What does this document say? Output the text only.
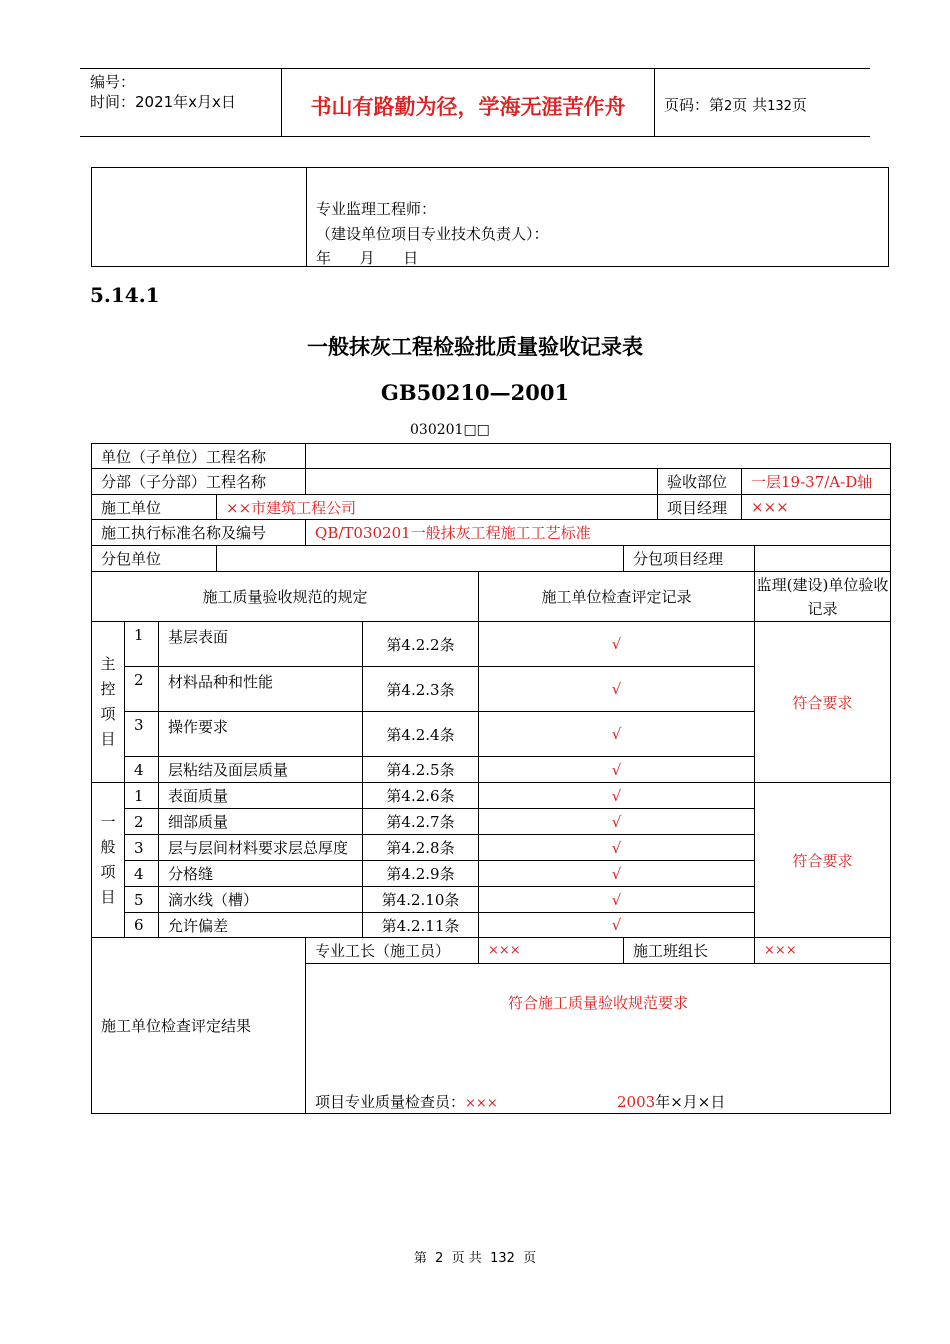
编号：
时间：2021年x月x日	书山有路勤为径，学海无涯苦作舟	页码：第2页 共132页
专业监理工程师：
（建设单位项目专业技术负责人）：
年      月      日
5.14.1
一般抹灰工程检验批质量验收记录表
GB50210—2001
030201□□
单位（子单位）工程名称										
分部（子分部）工程名称								验收部位	一层19-37/A-D轴	
施工单位			××市建筑工程公司					项目经理	×××	
施工执行标准名称及编号				QB/T030201一般抹灰工程施工工艺标准						
分包单位							分包项目经理			
施工质量验收规范的规定						施工单位检查评定记录				监理(建设)单位验收记录
主
控
项
目	1	基层表面			第4.2.2条	√				符合要求
	2	材料品种和性能			第4.2.3条	√				
	3	操作要求			第4.2.4条	√				
	4	层粘结及面层质量			第4.2.5条	√				
一
般
项
目	1	表面质量			第4.2.6条	√				符合要求
	2	细部质量			第4.2.7条	√				
	3	层与层间材料要求层总厚度			第4.2.8条	√				
	4	分格缝			第4.2.9条	√				
	5	滴水线（槽）			第4.2.10条	√				
	6	允许偏差			第4.2.11条	√				
施工单位检查评定结果				专业工长（施工员）		×××	施工班组长			×××

				符合施工质量验收规范要求
项目专业质量检查员：××× 2003年×月×日						
第 2 页 共 132 页
